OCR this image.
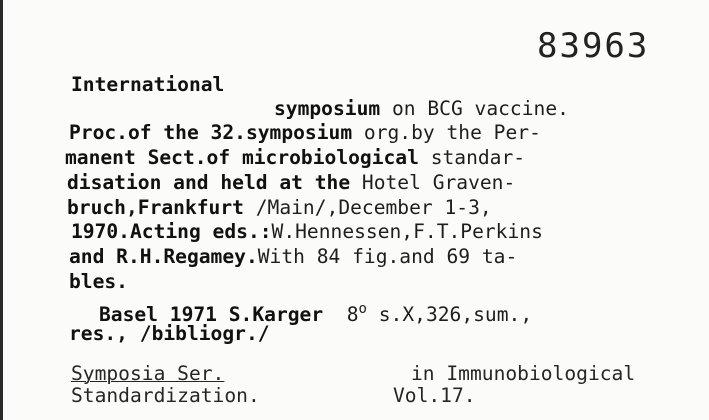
83963
International
symposium on BCG vaccine.
Proc.of the 32.symposium org.by the Per-
manent Sect.of microbiological standar-
disation and held at the Hotel Graven-
bruch,Frankfurt /Main/,December 1-3,
1970.Acting eds.:W.Hennessen,F.T.Perkins
and R.H.Regamey.With 84 fig.and 69 ta-
bles.
Basel 1971 S.Karger 8$^o$ s.X,326,sum.,
res., /bibliogr./
Symposia Ser.	in Immunobiological
Standardization.	Vol.17.
